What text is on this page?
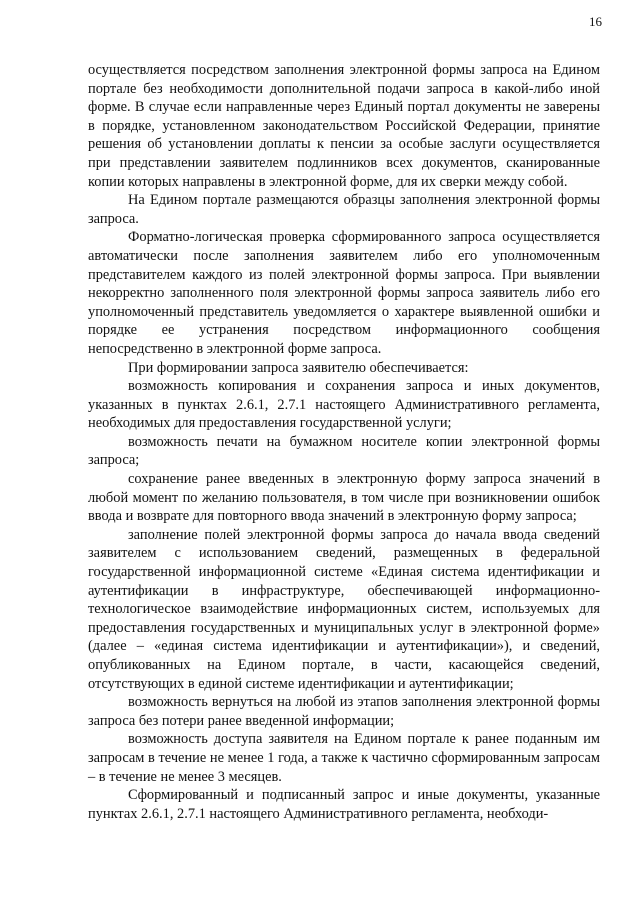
16

осуществляется посредством заполнения электронной формы запроса на Едином портале без необходимости дополнительной подачи запроса в какой-либо иной форме. В случае если направленные через Единый портал документы не заверены в порядке, установленном законодательством Российской Федерации, принятие решения об установлении доплаты к пенсии за особые заслуги осуществляется при представлении заявителем подлинников всех документов, сканированные копии которых направлены в электронной форме, для их сверки между собой.

На Едином портале размещаются образцы заполнения электронной формы запроса.

Форматно-логическая проверка сформированного запроса осуществляется автоматически после заполнения заявителем либо его уполномоченным представителем каждого из полей электронной формы запроса. При выявлении некорректно заполненного поля электронной формы запроса заявитель либо его уполномоченный представитель уведомляется о характере выявленной ошибки и порядке ее устранения посредством информационного сообщения непосредственно в электронной форме запроса.

При формировании запроса заявителю обеспечивается:

возможность копирования и сохранения запроса и иных документов, указанных в пунктах 2.6.1, 2.7.1 настоящего Административного регламента, необходимых для предоставления государственной услуги;

возможность печати на бумажном носителе копии электронной формы запроса;

сохранение ранее введенных в электронную форму запроса значений в любой момент по желанию пользователя, в том числе при возникновении ошибок ввода и возврате для повторного ввода значений в электронную форму запроса;

заполнение полей электронной формы запроса до начала ввода сведений заявителем с использованием сведений, размещенных в федеральной государственной информационной системе «Единая система идентификации и аутентификации в инфраструктуре, обеспечивающей информационно-технологическое взаимодействие информационных систем, используемых для предоставления государственных и муниципальных услуг в электронной форме» (далее – «единая система идентификации и аутентификации»), и сведений, опубликованных на Едином портале, в части, касающейся сведений, отсутствующих в единой системе идентификации и аутентификации;

возможность вернуться на любой из этапов заполнения электронной формы запроса без потери ранее введенной информации;

возможность доступа заявителя на Едином портале к ранее поданным им запросам в течение не менее 1 года, а также к частично сформированным запросам – в течение не менее 3 месяцев.

Сформированный и подписанный запрос и иные документы, указанные пунктах 2.6.1, 2.7.1 настоящего Административного регламента, необходи-
